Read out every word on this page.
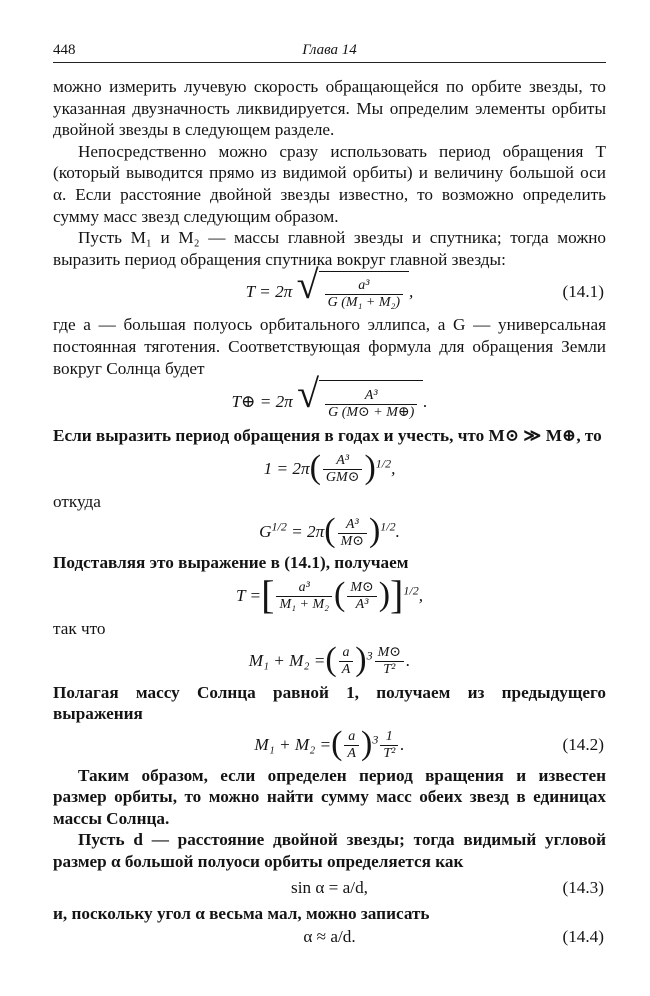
448	Глава 14

можно измерить лучевую скорость обращающейся по орбите звезды, то указанная двузначность ликвидируется. Мы определим элементы орбиты двойной звезды в следующем разделе.

Непосредственно можно сразу использовать период обращения T (который выводится прямо из видимой орбиты) и величину большой оси α. Если расстояние двойной звезды известно, то возможно определить сумму масс звезд следующим образом.

Пусть M₁ и M₂ — массы главной звезды и спутника; тогда можно выразить период обращения спутника вокруг главной звезды:

T = 2π √ $\frac{\text{a³}}{\text{G (M₁ + M₂)}}$ ,	(14.1)

где a — большая полуось орбитального эллипса, а G — универсальная постоянная тяготения. Соответствующая формула для обращения Земли вокруг Солнца будет

T⊕ = 2π √ $\frac{\text{A³}}{G (M⊙ + M\oplus)}$ .

Если выразить период обращения в годах и учесть, что M⊙ ≫ M⊕, то

$1 = 2\pi( \frac{\text{A³}}{GM⊙} )^{1/2}$,

откуда

$G^{1/2} = 2\pi( \frac{\text{A³}}{M⊙} )^{1/2}$.

Подставляя это выражение в (14.1), получаем

T =[ $\frac{\text{a³}}{\text{M₁ + M₂}}$ ( $\frac{M⊙}{\text{A³}} )]^{1/2}$,

так что

M₁ + M₂ =( $\frac{a}{A} )^3 \frac{M⊙}{\text{T²}}$ .

Полагая массу Солнца равной 1, получаем из предыдущего выражения

M₁ + M₂ =( $\frac{a}{A} )^3 \frac{1}{\text{T²}}$ .	(14.2)

Таким образом, если определен период вращения и известен размер орбиты, то можно найти сумму масс обеих звезд в единицах массы Солнца.

Пусть d — расстояние двойной звезды; тогда видимый угловой размер α большой полуоси орбиты определяется как

sin α = a/d,	(14.3)

и, поскольку угол α весьма мал, можно записать

α ≈ a/d.	(14.4)
